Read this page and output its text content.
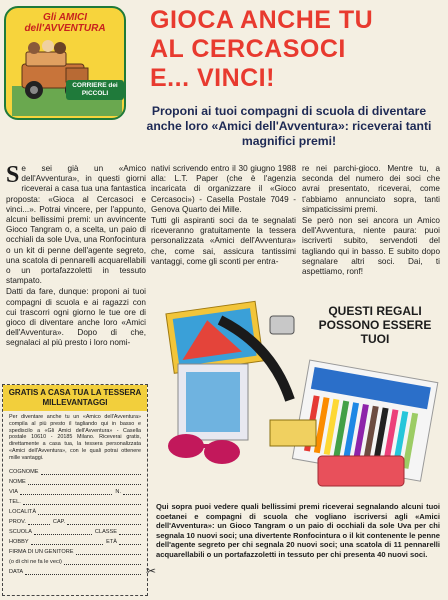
Gli AMICI dell'AVVENTURA
CORRIERE dei PICCOLI
GIOCA ANCHE TU
AL CERCASOCI
E... VINCI!
Proponi ai tuoi compagni di scuola di diventare anche loro «Amici dell'Avventura»: riceverai tanti magnifici premi!

Se sei già un «Amico dell'Avventura», in questi giorni riceverai a casa tua una fantastica proposta: «Gioca al Cercasoci e vinci...». Potrai vincere, per l'appunto, alcuni bellissimi premi: un avvincente Gioco Tangram o, a scelta, un paio di occhiali da sole Uva, una Ronfocintura o un kit di penne dell'agente segreto, una scatola di pennarelli acquarellabili o un portafazzoletti in tessuto stampato.

Datti da fare, dunque: proponi ai tuoi compagni di scuola e ai ragazzi con cui trascorri ogni giorno le tue ore di gioco di diventare anche loro «Amici dell'Avventura». Dopo di che, segnalaci al più presto i loro nomi-

nativi scrivendo entro il 30 giugno 1988 alla: L.T. Paper (che è l'agenzia incaricata di organizzare il «Gioco Cercasoci») - Casella Postale 7049 - Genova Quarto dei Mille.

Tutti gli aspiranti soci da te segnalati riceveranno gratuitamente la tessera personalizzata «Amici dell'Avventura» che, come sai, assicura tantissimi vantaggi, come gli sconti per entra-

re nei parchi-gioco. Mentre tu, a seconda del numero dei soci che avrai presentato, riceverai, come t'abbiamo annunciato sopra, tanti simpaticissimi premi.

Se però non sei ancora un Amico dell'Avventura, niente paura: puoi iscriverti subito, servendoti del tagliando qui in basso. E subito dopo segnalare altri soci. Dai, ti aspettiamo, ronf!

QUESTI REGALI POSSONO ESSERE TUOI
GRATIS A CASA TUA LA TESSERA MILLEVANTAGGI
Per diventare anche tu un «Amico dell'Avventura» compila al più presto il tagliando qui in basso e spediscilo a «Gli Amici dell'Avventura» - Casella postale 10610 - 20185 Milano. Riceverai gratis, direttamente a casa tua, la tessera personalizzata «Amici dell'Avventura», con le quali potrai ottenere mille vantaggi.
COGNOME
NOME
VIA	N.
TEL.
LOCALITÀ
PROV.	CAP.
SCUOLA	CLASSE
HOBBY	ETÀ
FIRMA DI UN GENITORE
(o di chi ne fa le veci)
DATA	✂
Qui sopra puoi vedere quali bellissimi premi riceverai segnalando alcuni tuoi coetanei e compagni di scuola che vogliano iscriversi agli «Amici dell'Avventura»: un Gioco Tangram o un paio di occhiali da sole Uva per chi segnala 10 nuovi soci; una divertente Ronfocintura o il kit contenente le penne dell'agente segreto per chi segnala 20 nuovi soci; una scatola di 11 pennarelli acquarellabili o un portafazzoletti in tessuto per chi presenta 40 nuovi soci.
